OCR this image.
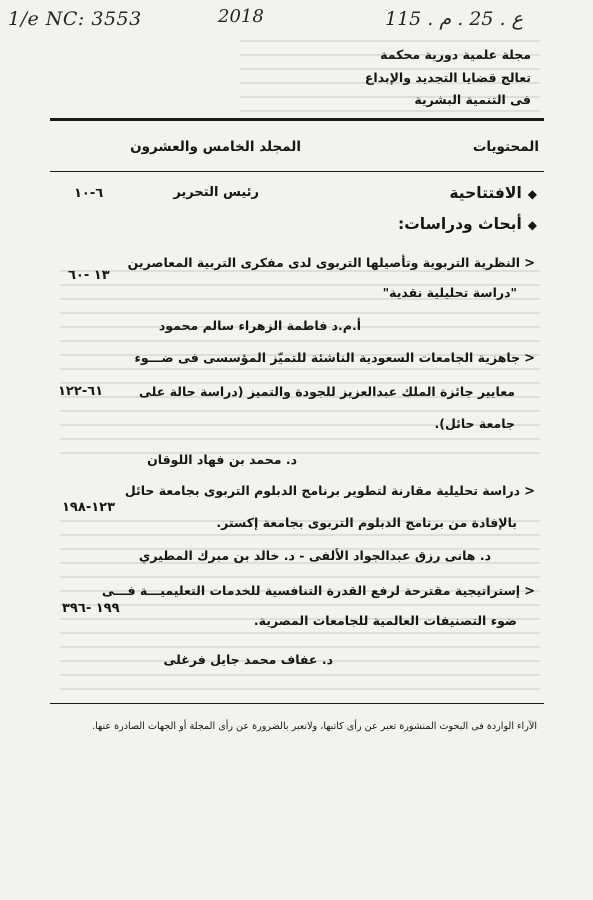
1/e NC: 3553	2018	115 . ع . 25 . م
مجلة علمية دورية محكمة
تعالج قضايا التجديد والإبداع
فى التنمية البشرية
المحتويات
المجلد الخامس والعشرون
◆الافتتاحية
رئيس التحرير
٦-١٠
◆أبحاث ودراسات:
<النظرية التربوية وتأصيلها التربوى لدى مفكرى التربية المعاصرين
"دراسة تحليلية نقدية"
١٣ -٦٠
أ.م.د فاطمة الزهراء سالم محمود
<جاهزية الجامعات السعودية الناشئة للتميّز المؤسسى فى ضـــوء
معايير جائزة الملك عبدالعزيز للجودة والتميز (دراسة حالة على
جامعة حائل).
٦١-١٢٢
د. محمد بن فهاد اللوقان
<دراسة تحليلية مقارنة لتطوير برنامج الدبلوم التربوى بجامعة حائل
بالإفادة من برنامج الدبلوم التربوى بجامعة إكستر.
١٢٣-١٩٨
د. هانى رزق عبدالجواد الألفى - د. خالد بن مبرك المطيري
<إستراتيجية مقترحة لرفع القدرة التنافسية للخدمات التعليميـــة فـــى
ضوء التصنيفات العالمية للجامعات المصرية.
١٩٩ -٣٩٦
د. عفاف محمد جايل فرغلى
الآراء الواردة فى البحوث المنشورة تعبر عن رأى كاتبها، ولاتعبر بالضرورة عن رأى المجلة أو الجهات الصادرة عنها.
